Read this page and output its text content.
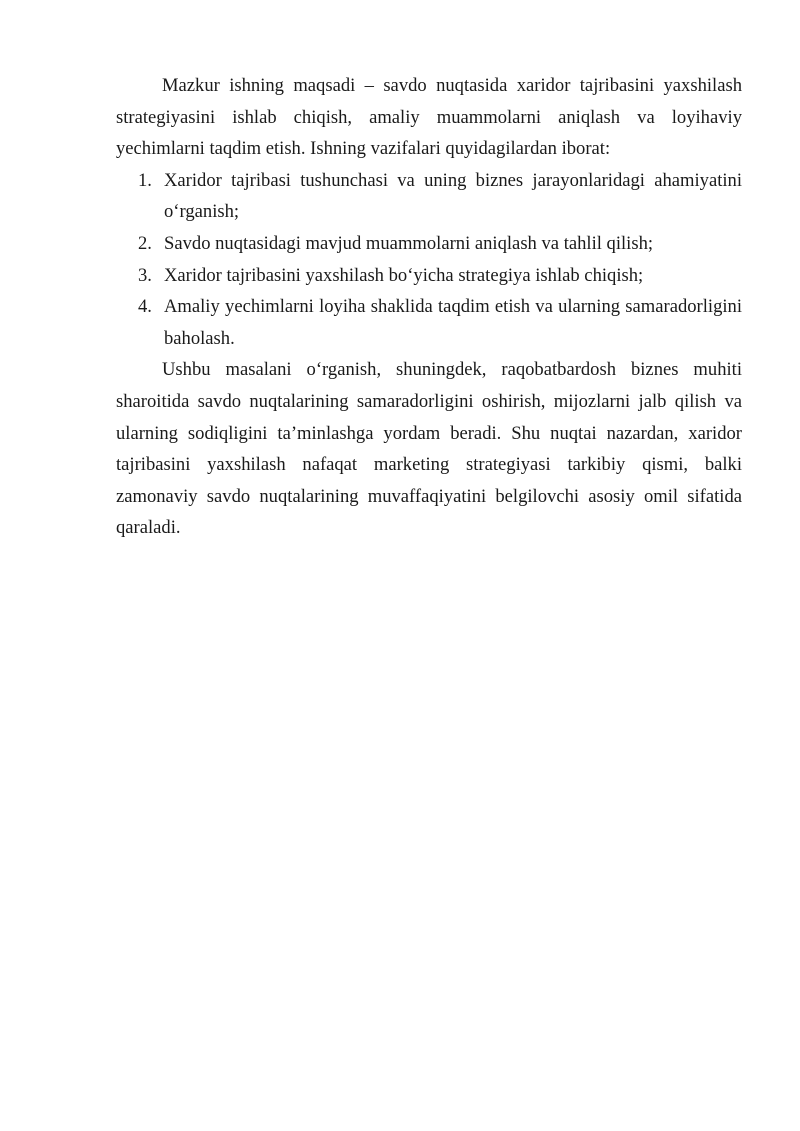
Mazkur ishning maqsadi – savdo nuqtasida xaridor tajribasini yaxshilash strategiyasini ishlab chiqish, amaliy muammolarni aniqlash va loyihaviy yechimlarni taqdim etish. Ishning vazifalari quyidagilardan iborat:

1. Xaridor tajribasi tushunchasi va uning biznes jarayonlaridagi ahamiyatini o‘rganish;
2. Savdo nuqtasidagi mavjud muammolarni aniqlash va tahlil qilish;
3. Xaridor tajribasini yaxshilash bo‘yicha strategiya ishlab chiqish;
4. Amaliy yechimlarni loyiha shaklida taqdim etish va ularning samaradorligini baholash.

Ushbu masalani o‘rganish, shuningdek, raqobatbardosh biznes muhiti sharoitida savdo nuqtalarining samaradorligini oshirish, mijozlarni jalb qilish va ularning sodiqligini ta’minlashga yordam beradi. Shu nuqtai nazardan, xaridor tajribasini yaxshilash nafaqat marketing strategiyasi tarkibiy qismi, balki zamonaviy savdo nuqtalarining muvaffaqiyatini belgilovchi asosiy omil sifatida qaraladi.
